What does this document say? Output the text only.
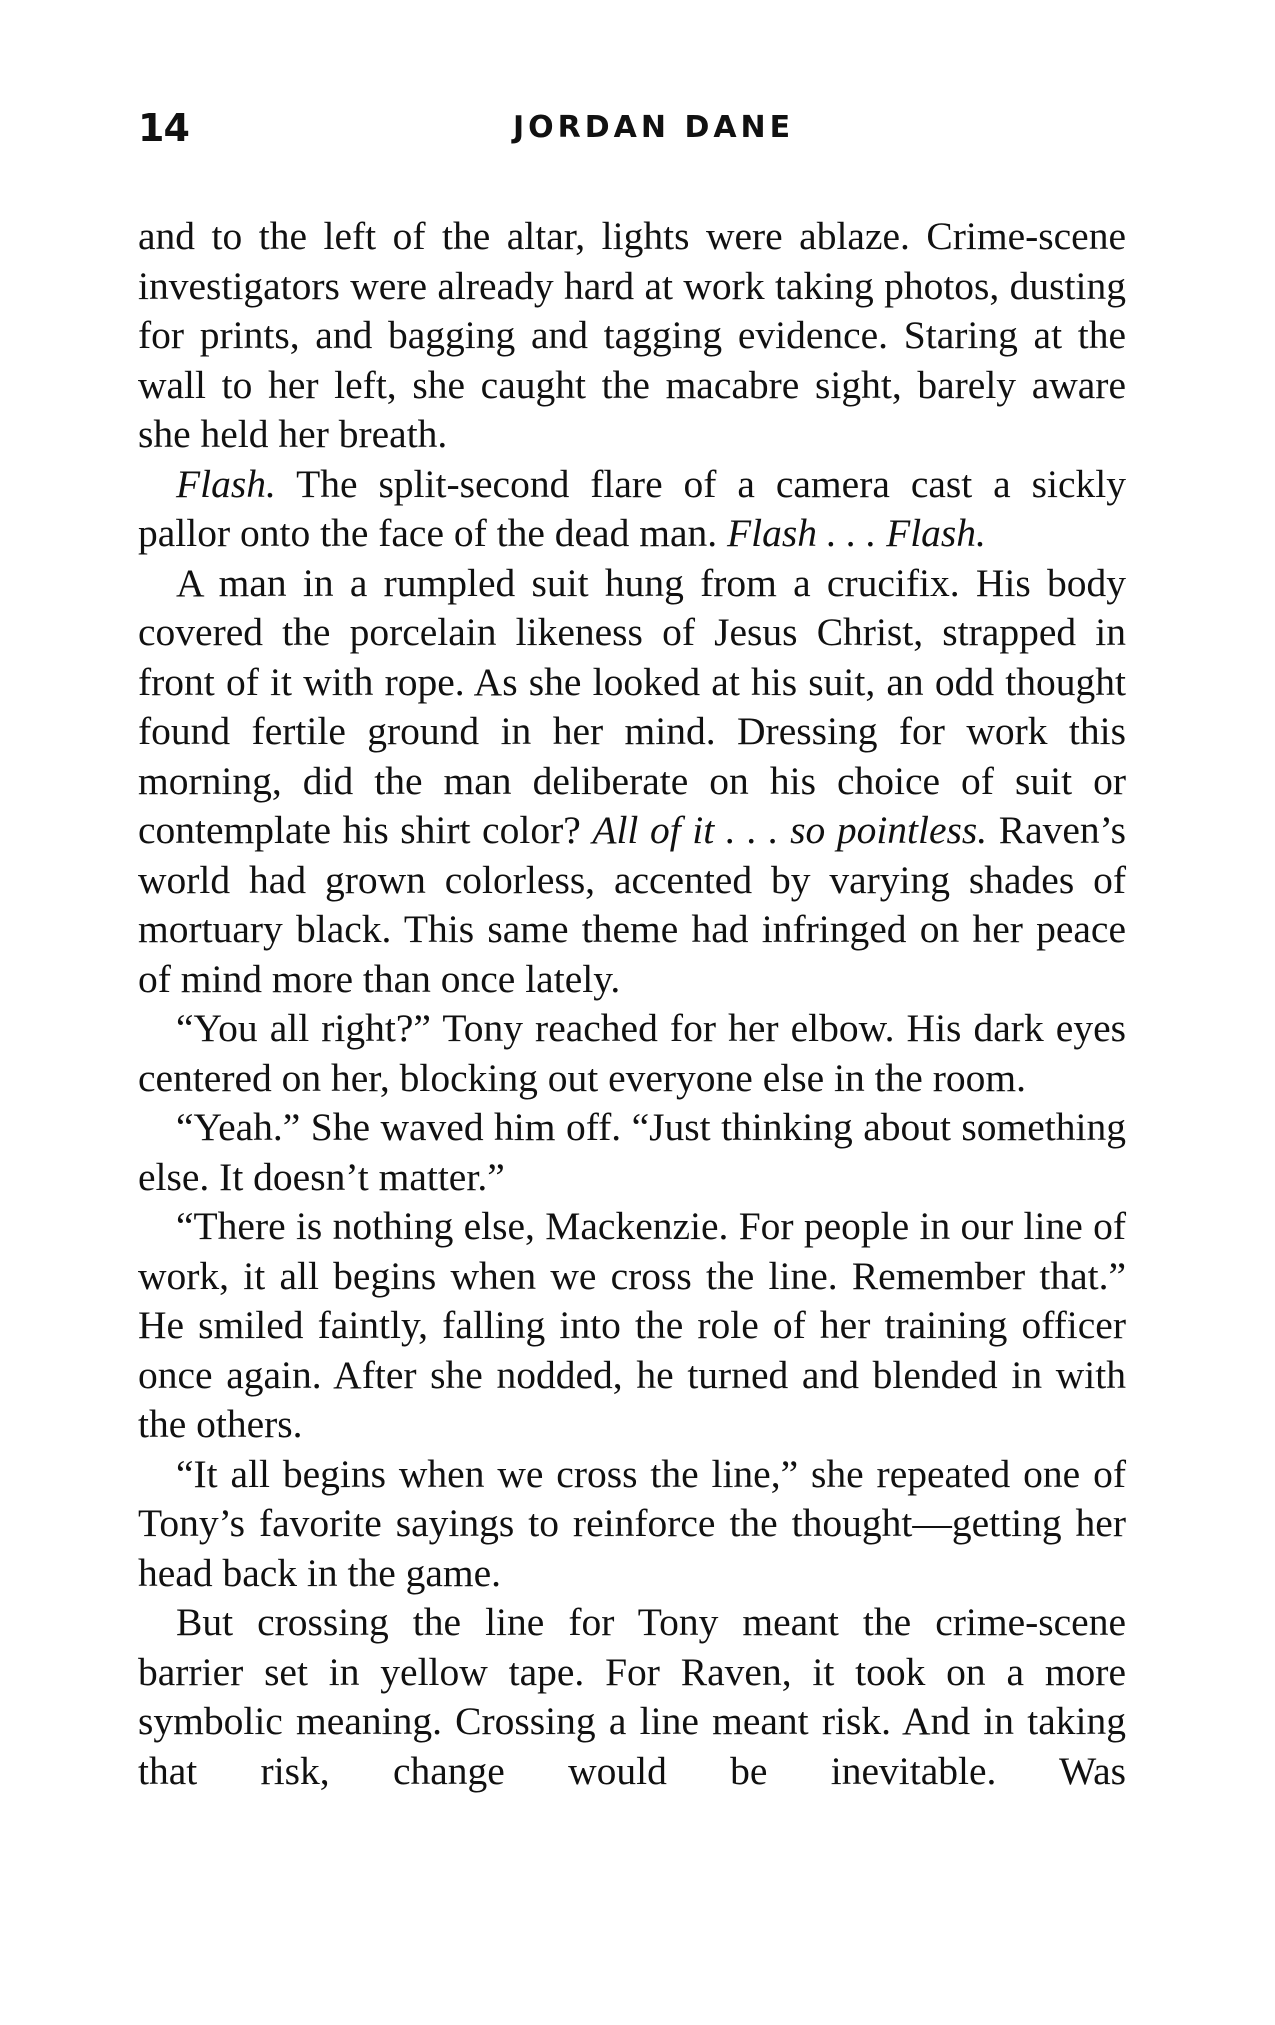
14	JORDAN DANE

and to the left of the altar, lights were ablaze. Crime-scene investigators were already hard at work taking photos, dusting for prints, and bagging and tagging evidence. Staring at the wall to her left, she caught the macabre sight, barely aware she held her breath.

Flash. The split-second flare of a camera cast a sickly pallor onto the face of the dead man. Flash . . . Flash.

A man in a rumpled suit hung from a crucifix. His body covered the porcelain likeness of Jesus Christ, strapped in front of it with rope. As she looked at his suit, an odd thought found fertile ground in her mind. Dressing for work this morning, did the man deliberate on his choice of suit or contemplate his shirt color? All of it . . . so pointless. Raven’s world had grown colorless, accented by varying shades of mortuary black. This same theme had infringed on her peace of mind more than once lately.

“You all right?” Tony reached for her elbow. His dark eyes centered on her, blocking out everyone else in the room.

“Yeah.” She waved him off. “Just thinking about something else. It doesn’t matter.”

“There is nothing else, Mackenzie. For people in our line of work, it all begins when we cross the line. Remember that.” He smiled faintly, falling into the role of her training officer once again. After she nodded, he turned and blended in with the others.

“It all begins when we cross the line,” she repeated one of Tony’s favorite sayings to reinforce the thought—getting her head back in the game.

But crossing the line for Tony meant the crime-scene barrier set in yellow tape. For Raven, it took on a more symbolic meaning. Crossing a line meant risk. And in taking that risk, change would be inevitable. Was
